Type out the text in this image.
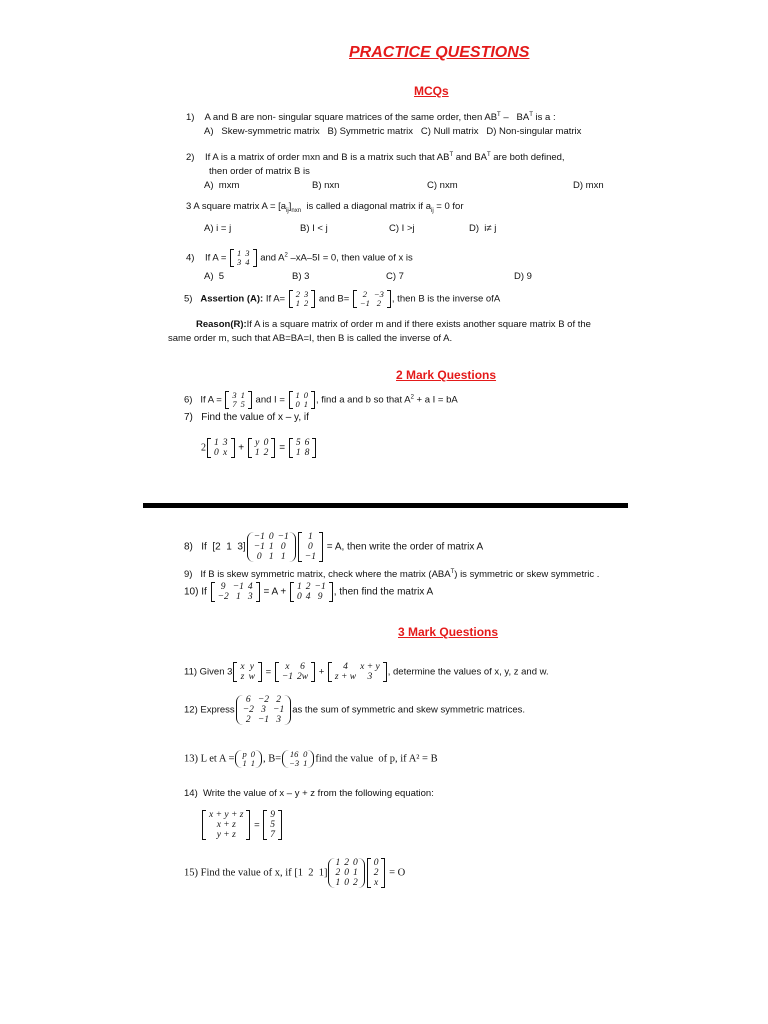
PRACTICE QUESTIONS
MCQs
1)    A and B are non- singular square matrices of the same order, then $AB^T - BA^T$ is a :
A)   Skew-symmetric matrix   B) Symmetric matrix   C) Null matrix   D) Non-singular matrix
2)    If A is a matrix of order mxn and B is a matrix such that $AB^T$ and $BA^T$ are both defined,
then order of matrix B is
A)  mxm	B) nxn	C) nxm	D) mxn
3 A square matrix $A = [a_{ij}]_{nxn}$  is called a diagonal matrix if $a_{ij} = 0$ for
A) i = j	B) I < j	C) I >j	D)  i≠ j
4)    If A = 1	3
3	4 and $A^2$ –xA–5I = 0, then value of x is
A)  5	B) 3	C) 7	D) 9
5) Assertion (A): If A= 2	3
1	2 and B= 2	−3
−1	2 , then B is the inverse ofA
Reason(R):If A is a square matrix of order m and if there exists another square matrix B of the
same order m, such that AB=BA=I, then B is called the inverse of A.
2 Mark Questions
6)   If A = 3	1
7	5 and I = 1	0
0	1 , find a and b so that $A^2 + a$ I = bA
7)   Find the value of x – y, if
2 1	3
0	x + y	0
1	2 = 5	6
1	8
8)   If  [2  1  3]
−1	0	−1
−1	1	0
0	1	1
1
0
−1
= A, then write the order of matrix A
9)   If B is skew symmetric matrix, check where the matrix $(ABA^T)$ is symmetric or skew symmetric .
10) If 9	−1	4
−2	1	3 = A + 1	2	−1
0	4	9 , then find the matrix A
3 Mark Questions
11) Given 3 x	y
z	w = x	6
−1	2w + 4	x + y
z + w	3 , determine the values of x, y, z and w.
12) Express
6	−2	2
−2	3	−1
2	−1	3
as the sum of symmetric and skew symmetric matrices.
13) L et A = p	0
1	1 , B= 16	0
−3	1 find the value  of p, if A² = B
14)  Write the value of x – y + z from the following equation:
x + y + z
x + z
y + z
=
9
5
7
15) Find the value of x, if [1  2  1]
1	2	0
2	0	1
1	0	2
0
2
x
= O
